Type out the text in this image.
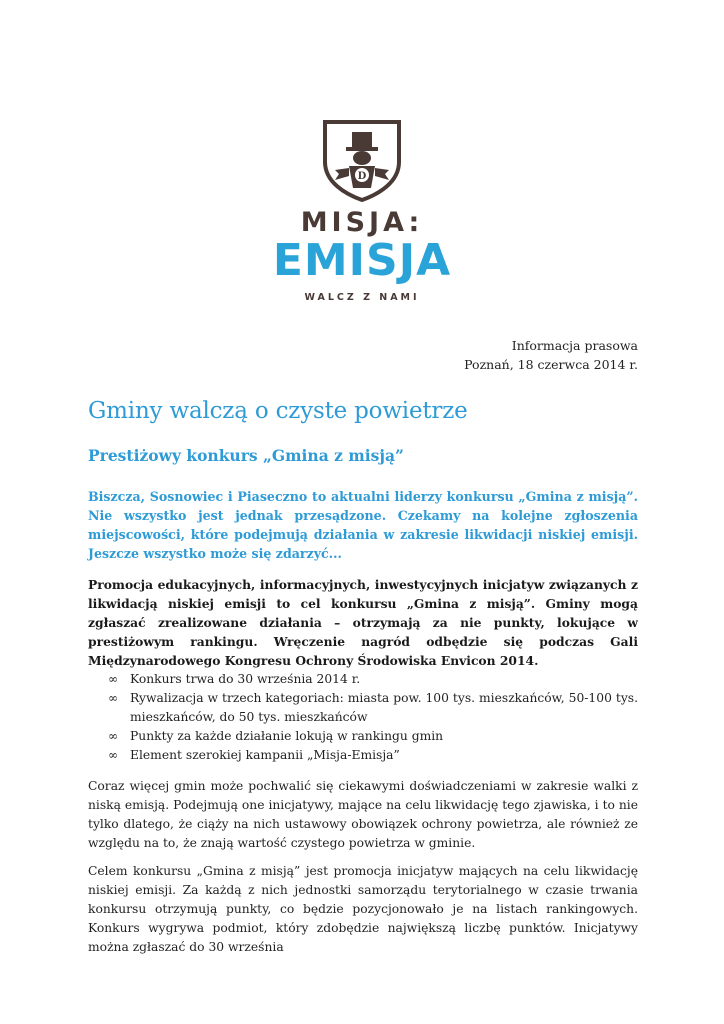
D
MISJA:
EMISJA
WALCZ Z NAMI
Informacja prasowa
Poznań, 18 czerwca 2014 r.
Gminy walczą o czyste powietrze
Prestiżowy konkurs „Gmina z misją”

Biszcza, Sosnowiec i Piaseczno to aktualni liderzy konkursu „Gmina z misją”. Nie wszystko jest jednak przesądzone. Czekamy na kolejne zgłoszenia miejscowości, które podejmują działania w zakresie likwidacji niskiej emisji. Jeszcze wszystko może się zdarzyć...

Promocja edukacyjnych, informacyjnych, inwestycyjnych inicjatyw związanych z likwidacją niskiej emisji to cel konkursu „Gmina z misją”. Gminy mogą zgłaszać zrealizowane działania – otrzymają za nie punkty, lokujące w prestiżowym rankingu. Wręczenie nagród odbędzie się podczas Gali Międzynarodowego Kongresu Ochrony Środowiska Envicon 2014.

∞ Konkurs trwa do 30 września 2014 r.
∞ Rywalizacja w trzech kategoriach: miasta pow. 100 tys. mieszkańców, 50-100 tys. mieszkańców, do 50 tys. mieszkańców
∞ Punkty za każde działanie lokują w rankingu gmin
∞ Element szerokiej kampanii „Misja-Emisja”

Coraz więcej gmin może pochwalić się ciekawymi doświadczeniami w zakresie walki z niską emisją. Podejmują one inicjatywy, mające na celu likwidację tego zjawiska, i to nie tylko dlatego, że ciąży na nich ustawowy obowiązek ochrony powietrza, ale również ze względu na to, że znają wartość czystego powietrza w gminie.

Celem konkursu „Gmina z misją” jest promocja inicjatyw mających na celu likwidację niskiej emisji. Za każdą z nich jednostki samorządu terytorialnego w czasie trwania konkursu otrzymują punkty, co będzie pozycjonowało je na listach rankingowych. Konkurs wygrywa podmiot, który zdobędzie największą liczbę punktów. Inicjatywy można zgłaszać do 30 września
